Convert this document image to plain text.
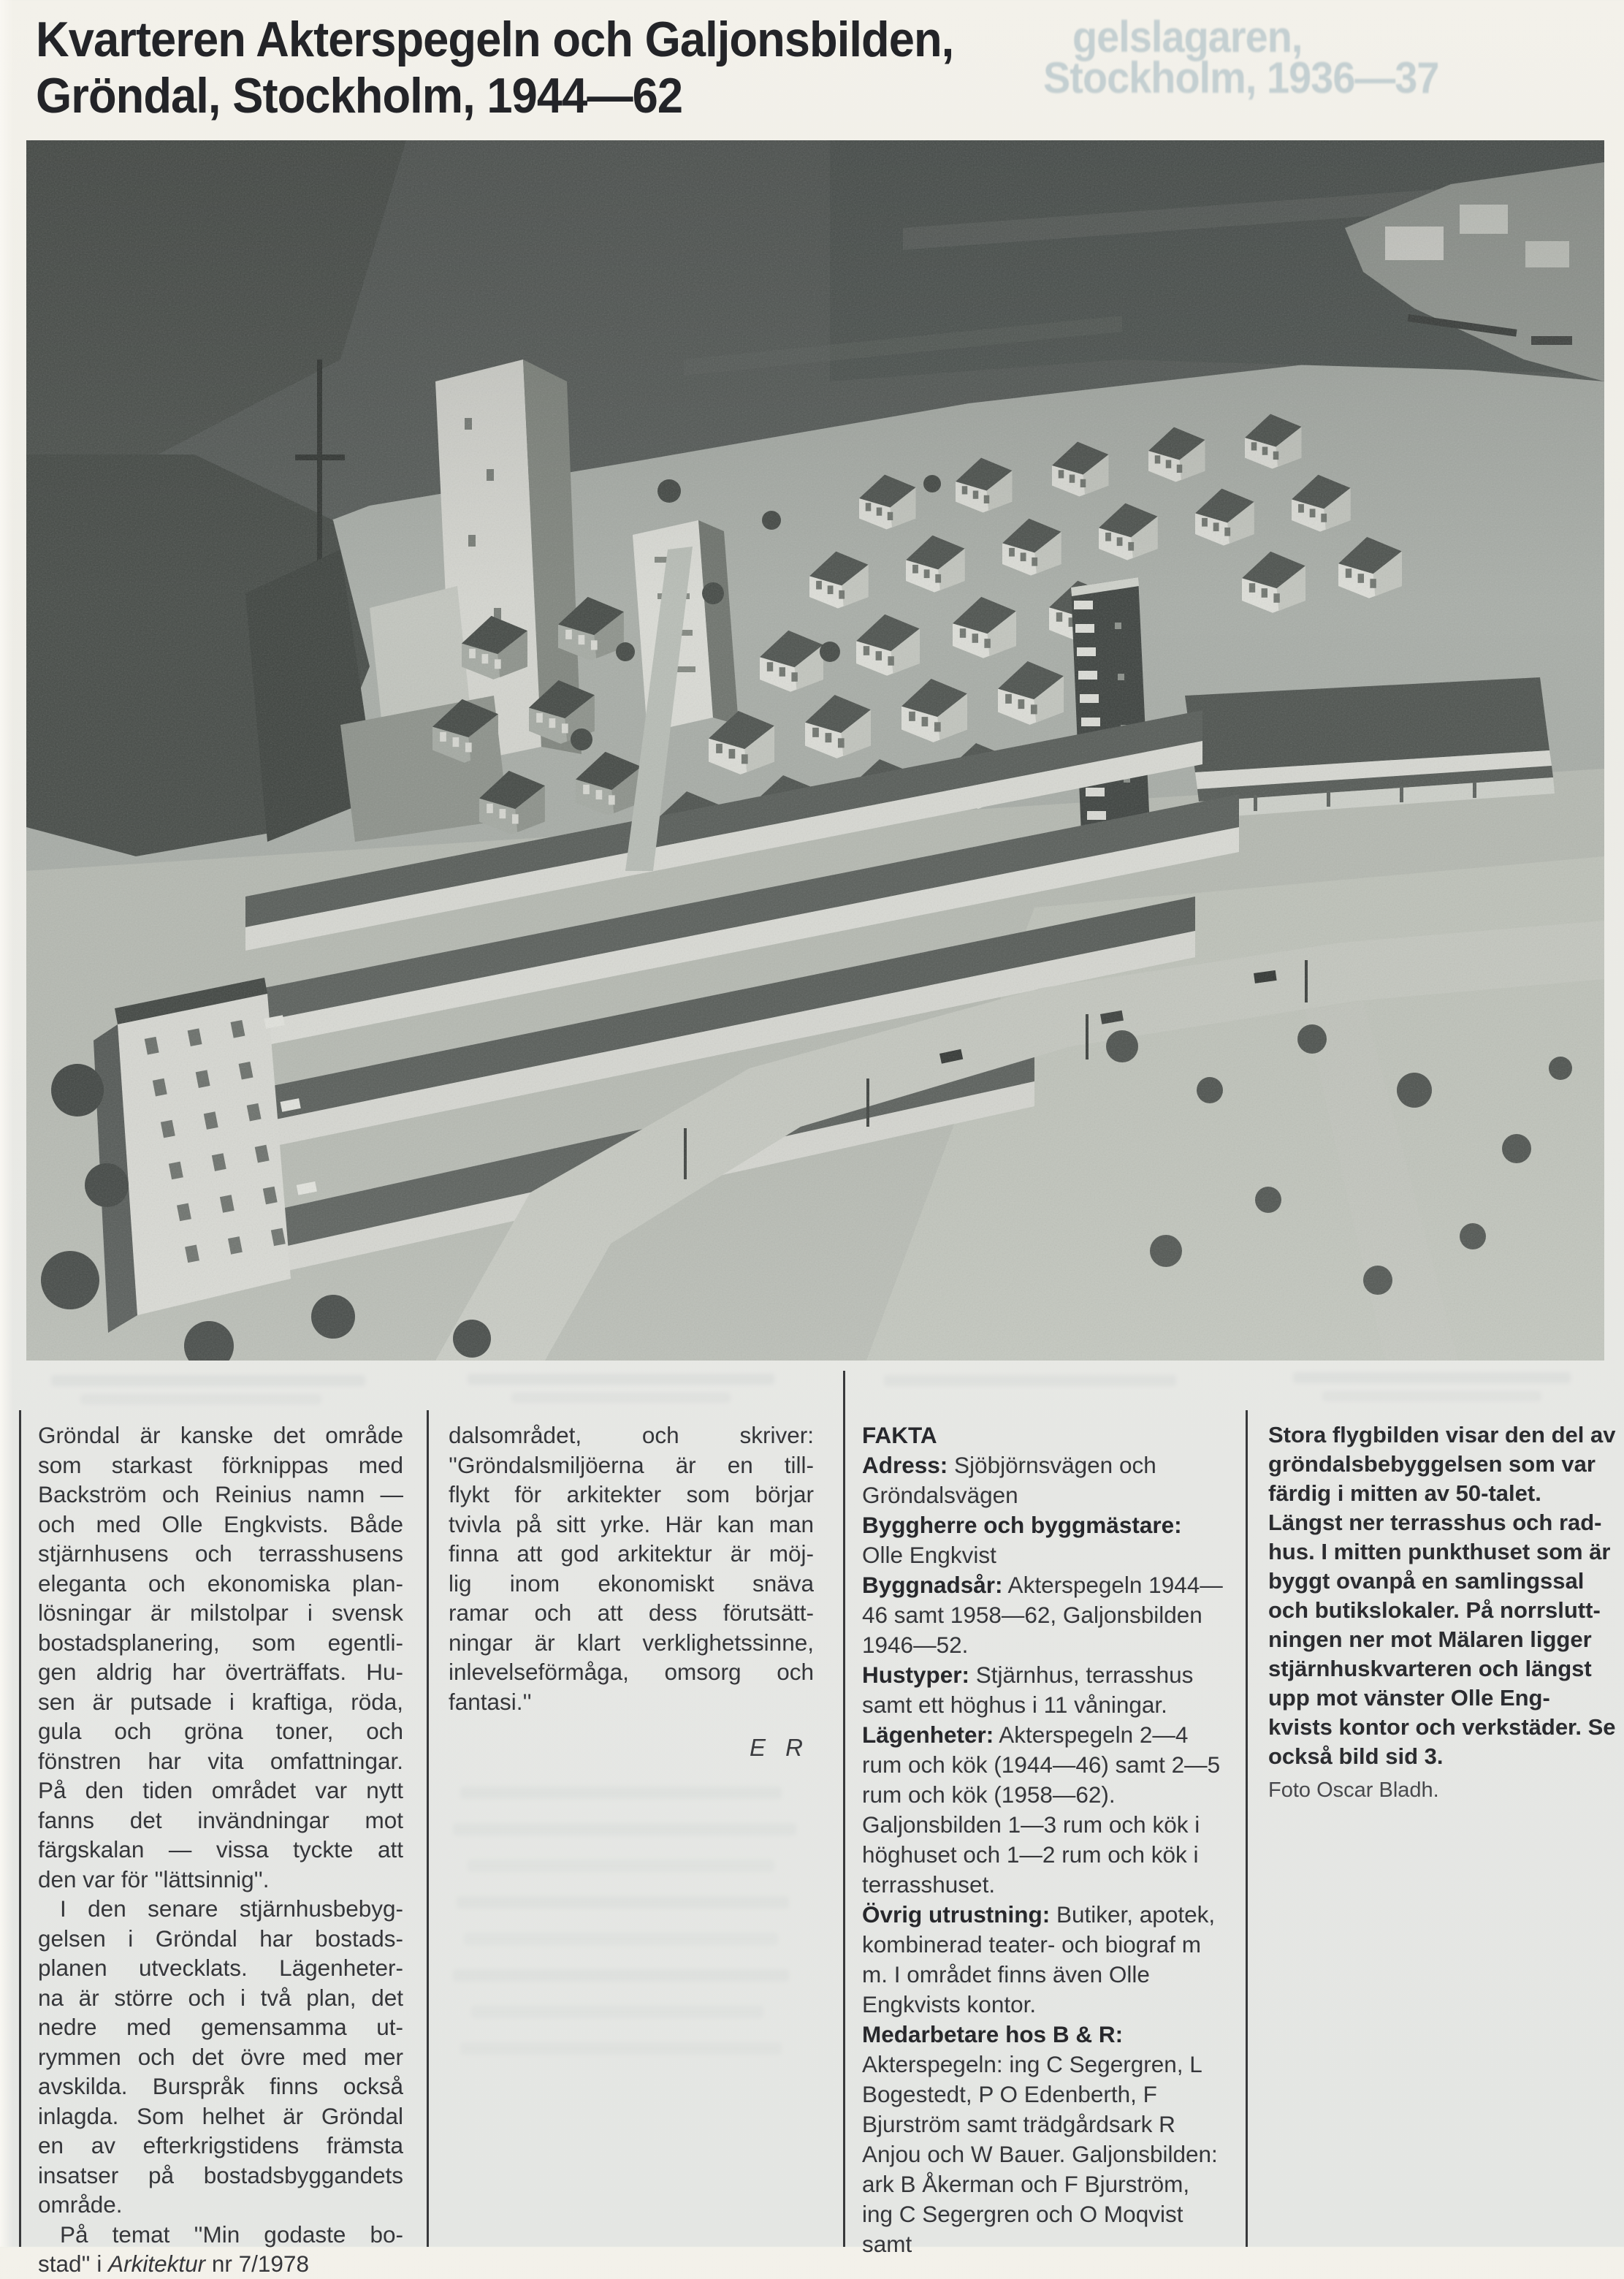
Kvarteren Akterspegeln och Galjonsbilden,
Gröndal, Stockholm, 1944—62
gelslagaren,
Stockholm, 1936—37
Gröndal är kanske det område
som starkast förknippas med
Backström och Reinius namn —
och med Olle Engkvists. Både
stjärnhusens och terrasshusens
eleganta och ekonomiska plan-
lösningar är milstolpar i svensk
bostadsplanering, som egentli-
gen aldrig har överträffats. Hu-
sen är putsade i kraftiga, röda,
gula och gröna toner, och
fönstren har vita omfattningar.
På den tiden området var nytt
fanns det invändningar mot
färgskalan — vissa tyckte att
den var för ''lättsinnig''.
I den senare stjärnhusbebyg-
gelsen i Gröndal har bostads-
planen utvecklats. Lägenheter-
na är större och i två plan, det
nedre med gemensamma ut-
rymmen och det övre med mer
avskilda. Burspråk finns också
inlagda. Som helhet är Gröndal
en av efterkrigstidens främsta
insatser på bostadsbyggandets
område.
På temat ''Min godaste bo-
stad'' i Arkitektur nr 7/1978
dalsområdet, och skriver:
''Gröndalsmiljöerna är en till-
flykt för arkitekter som börjar
tvivla på sitt yrke. Här kan man
finna att god arkitektur är möj-
lig inom ekonomiskt snäva
ramar och att dess förutsätt-
ningar är klart verklighetssinne,
inlevelseförmåga, omsorg och
fantasi.''
E R
FAKTA

Adress: Sjöbjörnsvägen och Gröndalsvägen

Byggherre och byggmästare: Olle Engkvist

Byggnadsår: Akterspegeln 1944—46 samt 1958—62, Galjonsbilden 1946—52.

Hustyper: Stjärnhus, terrasshus samt ett höghus i 11 våningar.

Lägenheter: Akterspegeln 2—4 rum och kök (1944—46) samt 2—5 rum och kök (1958—62). Galjonsbilden 1—3 rum och kök i höghuset och 1—2 rum och kök i terrasshuset.

Övrig utrustning: Butiker, apotek, kombinerad teater- och biograf m m. I området finns även Olle Engkvists kontor.

Medarbetare hos B & R: Akterspegeln: ing C Segergren, L Bogestedt, P O Edenberth, F Bjurström samt trädgårdsark R Anjou och W Bauer. Galjonsbilden: ark B Åkerman och F Bjurström, ing C Segergren och O Moqvist samt

Stora flygbilden visar den del av
gröndalsbebyggelsen som var
färdig i mitten av 50-talet.
Längst ner terrasshus och rad-
hus. I mitten punkthuset som är
byggt ovanpå en samlingssal
och butikslokaler. På norrslutt-
ningen ner mot Mälaren ligger
stjärnhuskvarteren och längst
upp mot vänster Olle Eng-
kvists kontor och verkstäder. Se
också bild sid 3.
Foto Oscar Bladh.
